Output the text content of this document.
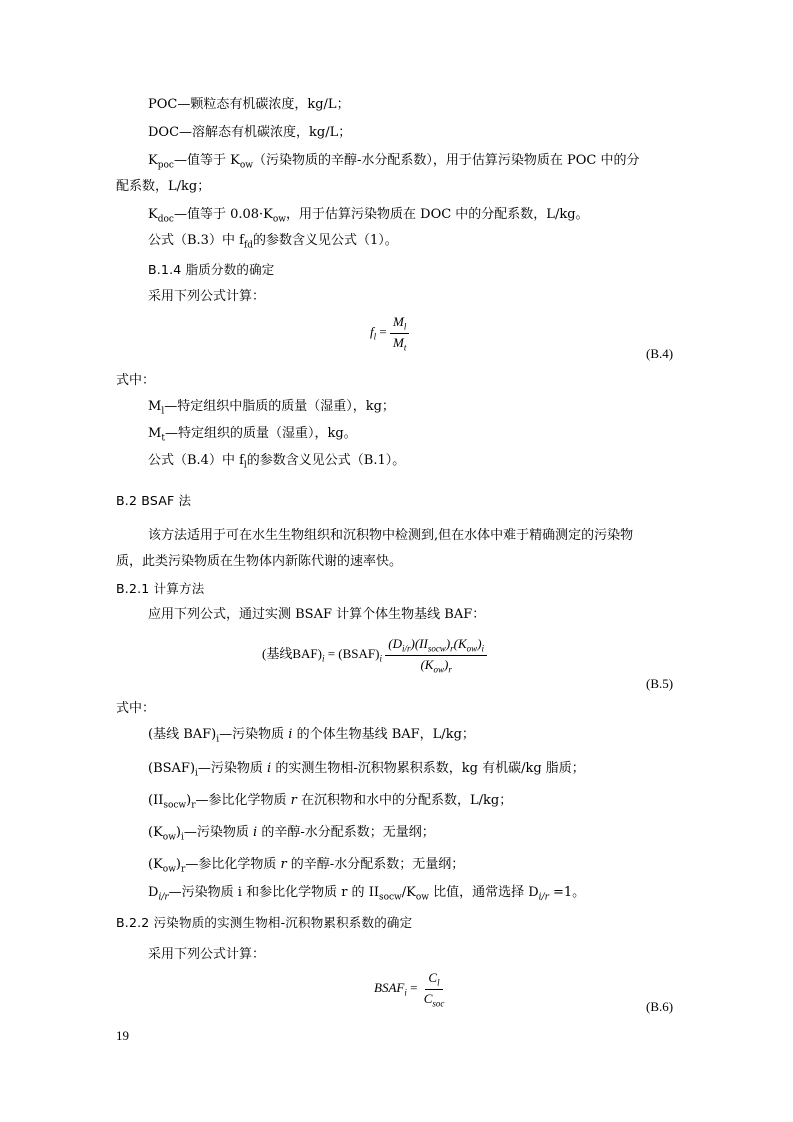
POC—颗粒态有机碳浓度，kg/L；
DOC—溶解态有机碳浓度，kg/L；
$K_{poc}—$值等于 $K_{ow}$（污染物质的辛醇-水分配系数），用于估算污染物质在 POC 中的分
配系数，L/kg；
$K_{doc}—$值等于 $0.08\cdot K_{ow}$，用于估算污染物质在 DOC 中的分配系数，L/kg。
公式（B.3）中 $f_{fd}$的参数含义见公式（1）。
B.1.4 脂质分数的确定
采用下列公式计算：
$f_l = \frac{M_l}{M_t}$
(B.4)
式中：
$M_l—$特定组织中脂质的质量（湿重），kg；
$M_t—$特定组织的质量（湿重），kg。
公式（B.4）中 $f_l$的参数含义见公式（B.1）。
B.2 BSAF 法
该方法适用于可在水生生物组织和沉积物中检测到,但在水体中难于精确测定的污染物
质，此类污染物质在生物体内新陈代谢的速率快。
B.2.1 计算方法
应用下列公式，通过实测 BSAF 计算个体生物基线 BAF：
(基线$BAF)_i$ = $(BSAF)_i \frac{(D_{i/r})(II_{socw})_r(K_{ow})_i}{(K_{ow})_r}$
(B.5)
式中：
(基线 $BAF)_i—$污染物质 i 的个体生物基线 BAF，L/kg；
$(BSAF)_i—$污染物质 i 的实测生物相-沉积物累积系数，kg 有机碳/kg 脂质；
$(II_{socw})_r—$参比化学物质 r 在沉积物和水中的分配系数，L/kg；
$(K_{ow})_i—$污染物质 i 的辛醇-水分配系数；无量纲；
$(K_{ow})_r—$参比化学物质 r 的辛醇-水分配系数；无量纲；
$D_{i/r}—$污染物质 i 和参比化学物质 r 的 $II_{socw}/K_{ow}$ 比值，通常选择 $D_{i/r} =1$。
B.2.2 污染物质的实测生物相-沉积物累积系数的确定
采用下列公式计算：
$BSAF_i = \frac{C_l}{C_{soc}}$	(B.6)
19
